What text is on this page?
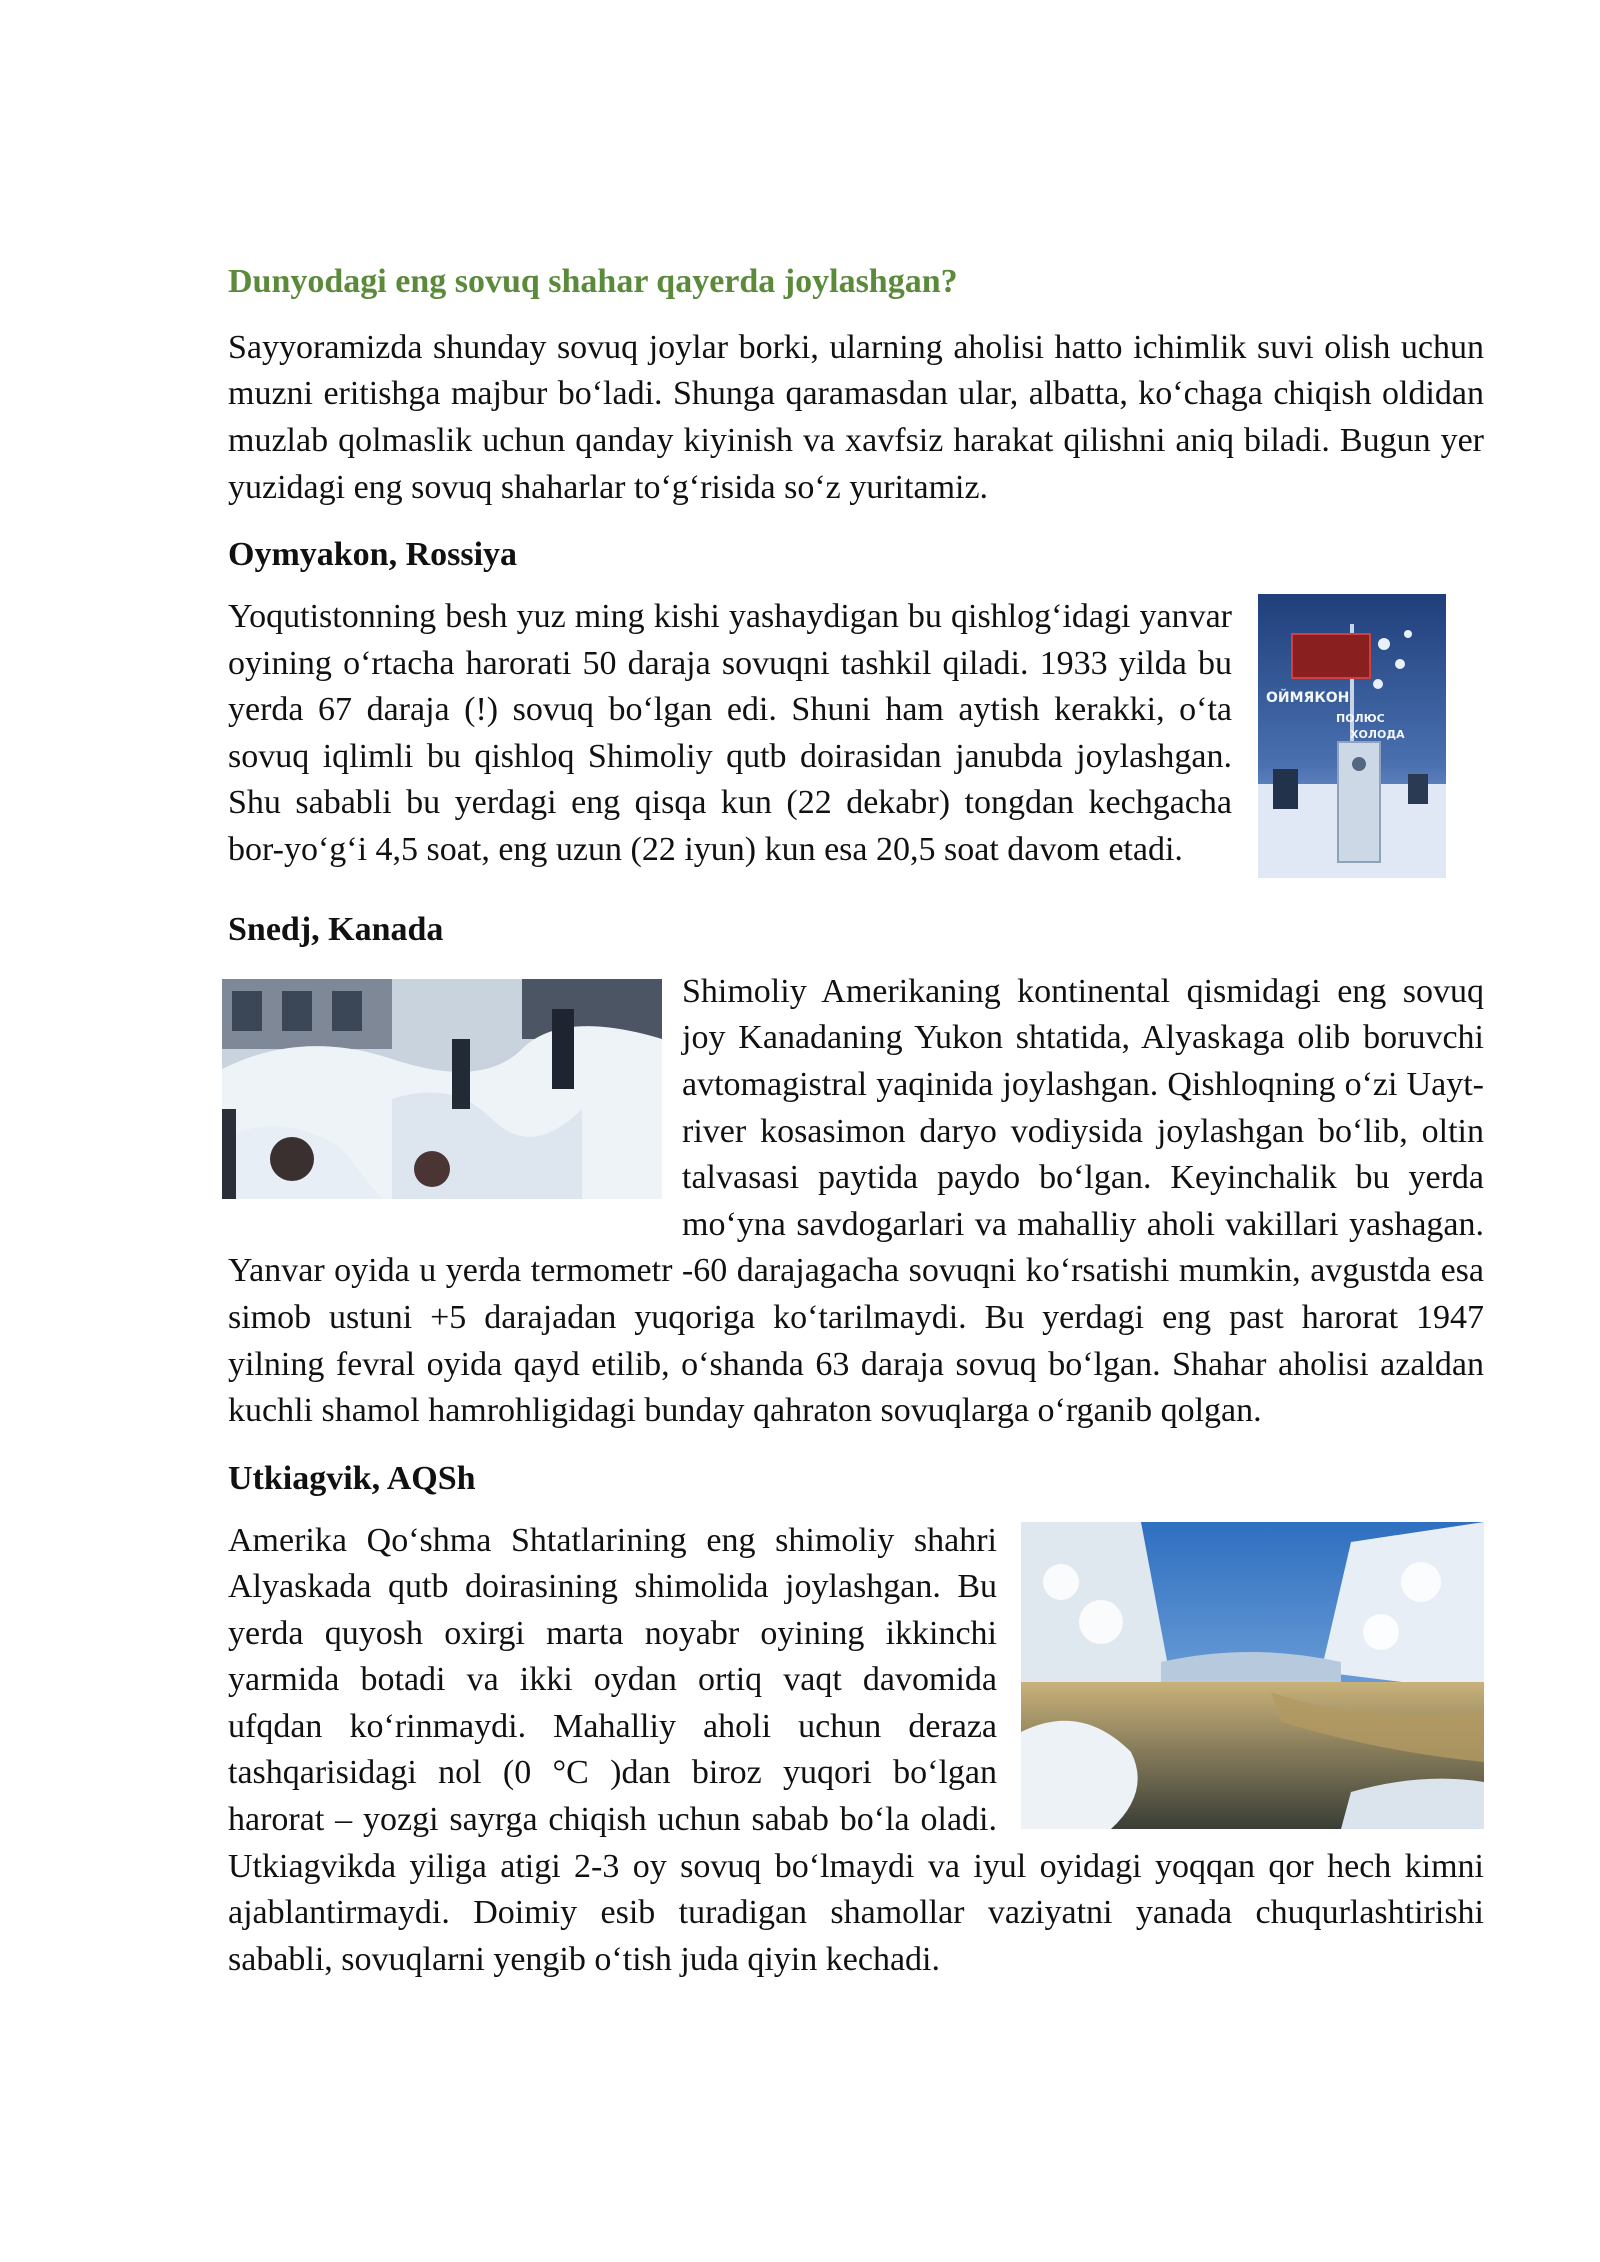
Dunyodagi eng sovuq shahar qayerda joylashgan?

Sayyoramizda shunday sovuq joylar borki, ularning aholisi hatto ichimlik suvi olish uchun muzni eritishga majbur bo‘ladi. Shunga qaramasdan ular, albatta, ko‘chaga chiqish oldidan muzlab qolmaslik uchun qanday kiyinish va xavfsiz harakat qilishni aniq biladi. Bugun yer yuzidagi eng sovuq shaharlar to‘g‘risida so‘z yuritamiz.

Oymyakon, Rossiya
ОЙМЯКОН
ПОЛЮС
ХОЛОДА

Yoqutistonning besh yuz ming kishi yashaydigan bu qishlog‘idagi yanvar oyining o‘rtacha harorati 50 daraja sovuqni tashkil qiladi. 1933 yilda bu yerda 67 daraja (!) sovuq bo‘lgan edi. Shuni ham aytish kerakki, o‘ta sovuq iqlimli bu qishloq Shimoliy qutb doirasidan janubda joylashgan. Shu sababli bu yerdagi eng qisqa kun (22 dekabr) tongdan kechgacha bor-yo‘g‘i 4,5 soat, eng uzun (22 iyun) kun esa 20,5 soat davom etadi.

Snedj, Kanada

Shimoliy Amerikaning kontinental qismidagi eng sovuq joy Kanadaning Yukon shtatida, Alyaskaga olib boruvchi avtomagistral yaqinida joylashgan. Qishloqning o‘zi Uayt-river kosasimon daryo vodiysida joylashgan bo‘lib, oltin talvasasi paytida paydo bo‘lgan. Keyinchalik bu yerda mo‘yna savdogarlari va mahalliy aholi vakillari yashagan. Yanvar oyida u yerda termometr -60 darajagacha sovuqni ko‘rsatishi mumkin, avgustda esa simob ustuni +5 darajadan yuqoriga ko‘tarilmaydi. Bu yerdagi eng past harorat 1947 yilning fevral oyida qayd etilib, o‘shanda 63 daraja sovuq bo‘lgan. Shahar aholisi azaldan kuchli shamol hamrohligidagi bunday qahraton sovuqlarga o‘rganib qolgan.

Utkiagvik, AQSh

Amerika Qo‘shma Shtatlarining eng shimoliy shahri Alyaskada qutb doirasining shimolida joylashgan. Bu yerda quyosh oxirgi marta noyabr oyining ikkinchi yarmida botadi va ikki oydan ortiq vaqt davomida ufqdan ko‘rinmaydi. Mahalliy aholi uchun deraza tashqarisidagi nol (0 °C )dan biroz yuqori bo‘lgan harorat – yozgi sayrga chiqish uchun sabab bo‘la oladi. Utkiagvikda yiliga atigi 2-3 oy sovuq bo‘lmaydi va iyul oyidagi yoqqan qor hech kimni ajablantirmaydi. Doimiy esib turadigan shamollar vaziyatni yanada chuqurlashtirishi sababli, sovuqlarni yengib o‘tish juda qiyin kechadi.
